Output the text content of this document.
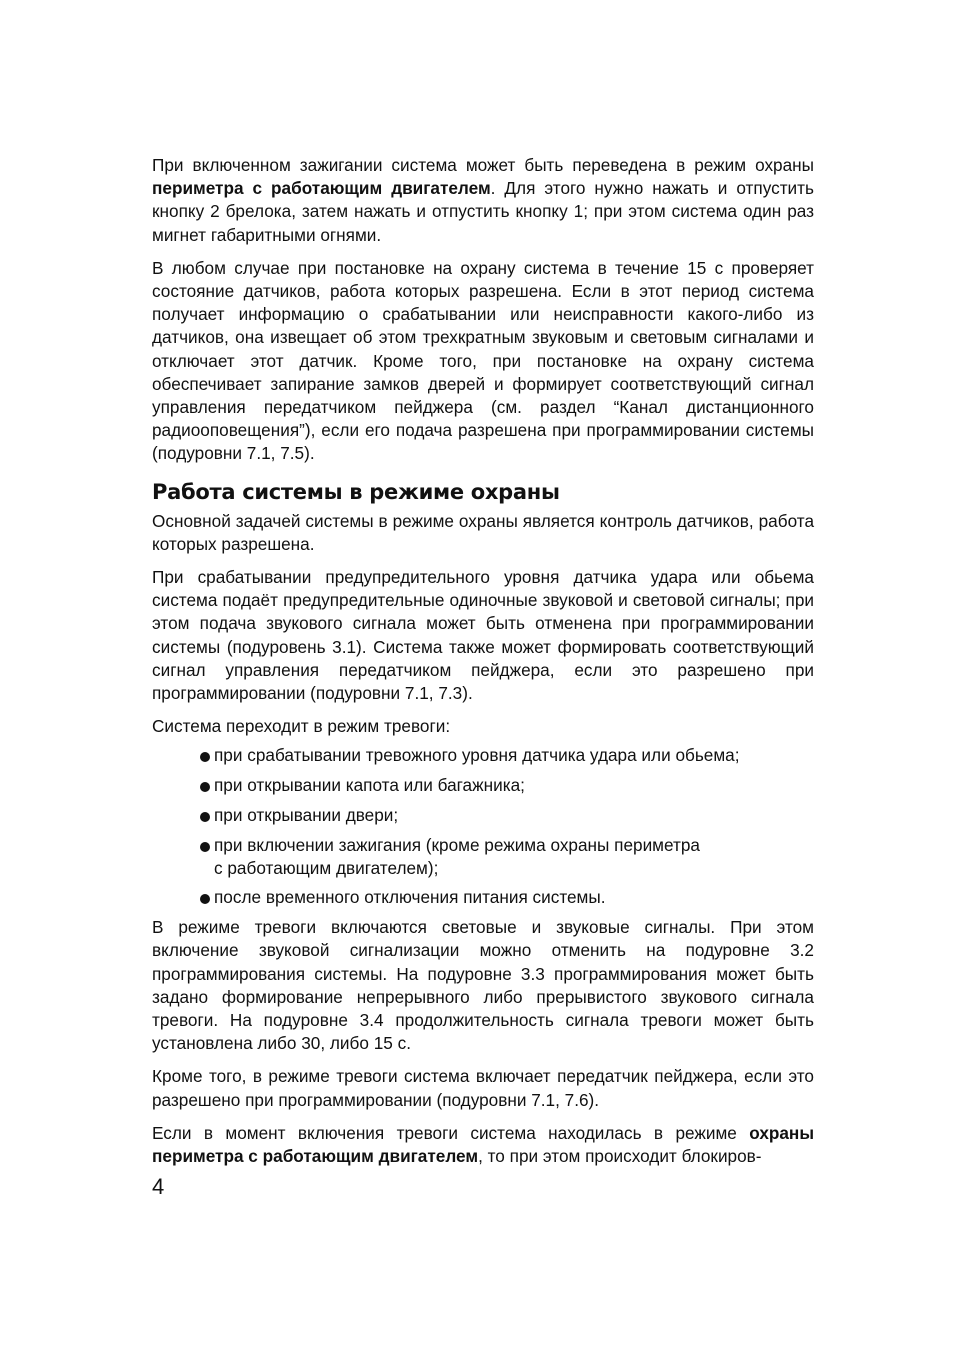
При включенном зажигании система может быть переведена в режим охраны периметра с работающим двигателем. Для этого нужно нажать и отпустить кнопку 2 брелока, затем нажать и отпустить кнопку 1; при этом система один раз мигнет габаритными огнями.

В любом случае при постановке на охрану система в течение 15 с проверяет состояние датчиков, работа которых разрешена. Если в этот период система получает информацию о срабатывании или неисправности какого-либо из датчиков, она извещает об этом трехкратным звуковым и световым сигналами и отключает этот датчик. Кроме того, при постановке на охрану система обеспечивает запирание замков дверей и формирует соответствующий сигнал управления передатчиком пейджера (см. раздел “Канал дистанционного радиооповещения”), если его подача разрешена при программировании системы (подуровни 7.1, 7.5).

Работа системы в режиме охраны

Основной задачей системы в режиме охраны является контроль датчиков, работа которых разрешена.

При срабатывании предупредительного уровня датчика удара или обьема система подаёт предупредительные одиночные звуковой и световой сигналы; при этом подача звукового сигнала может быть отменена при программировании системы (подуровень 3.1). Система также может формировать соответствующий сигнал управления передатчиком пейджера, если это разрешено при программировании (подуровни 7.1, 7.3).

Система переходит в режим тревоги:

при срабатывании тревожного уровня датчика удара или обьема;
при открывании капота или багажника;
при открывании двери;
при включении зажигания (кроме режима охраны периметра
с работающим двигателем);
после временного отключения питания системы.

В режиме тревоги включаются световые и звуковые сигналы. При этом включение звуковой сигнализации можно отменить на подуровне 3.2 программирования системы. На подуровне 3.3 программирования может быть задано формирование непрерывного либо прерывистого звукового сигнала тревоги. На подуровне 3.4 продолжительность сигнала тревоги может быть установлена либо 30, либо 15 с.

Кроме того, в режиме тревоги система включает передатчик пейджера, если это разрешено при программировании (подуровни 7.1, 7.6).

Если в момент включения тревоги система находилась в режиме охраны периметра с работающим двигателем, то при этом происходит блокиров-

4
